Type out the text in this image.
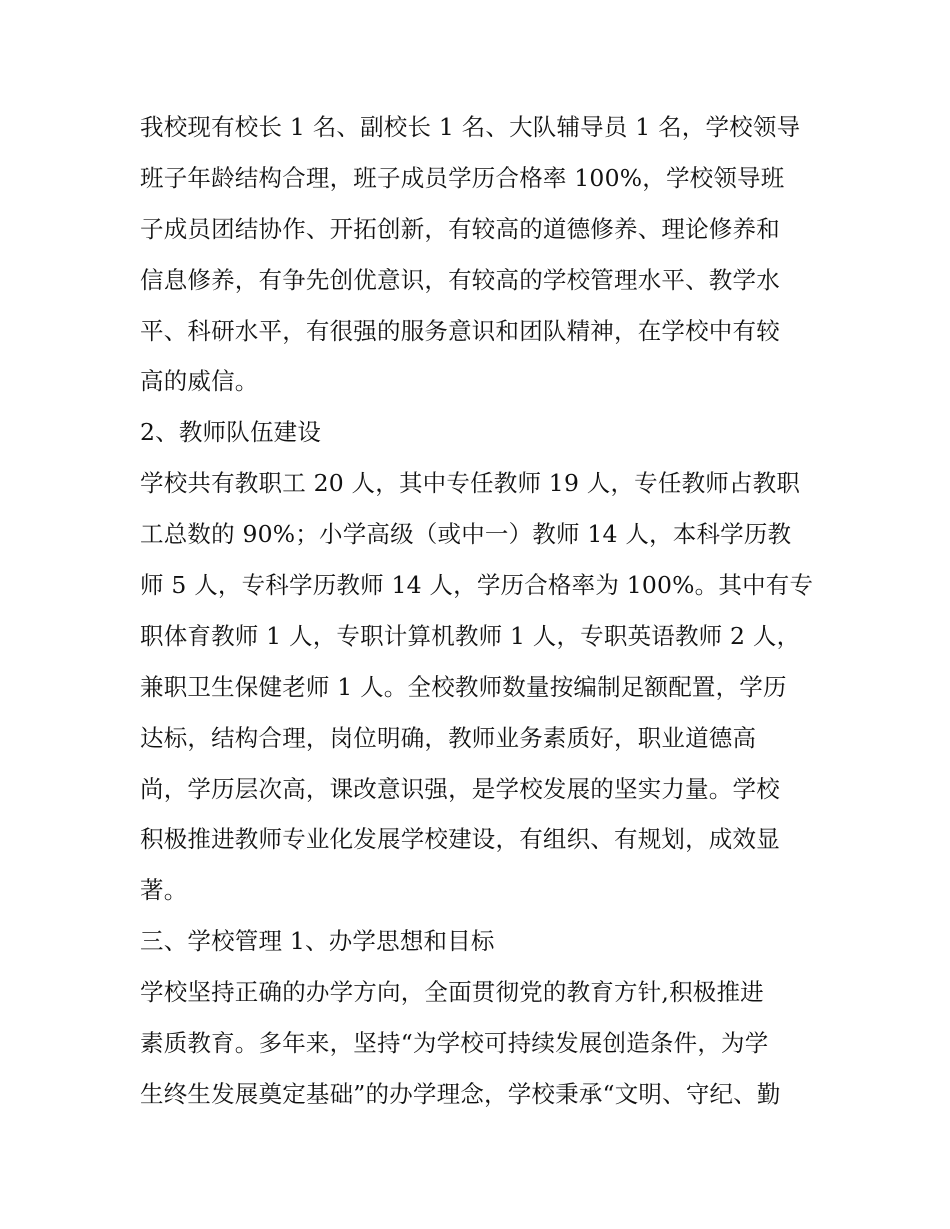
我校现有校长 1 名、副校长 1 名、大队辅导员 1 名，学校领导
班子年龄结构合理，班子成员学历合格率 100%，学校领导班
子成员团结协作、开拓创新，有较高的道德修养、理论修养和
信息修养，有争先创优意识，有较高的学校管理水平、教学水
平、科研水平，有很强的服务意识和团队精神，在学校中有较
高的威信。
2、教师队伍建设
学校共有教职工 20 人，其中专任教师 19 人，专任教师占教职
工总数的 90%；小学高级（或中一）教师 14 人，本科学历教
师 5 人，专科学历教师 14 人，学历合格率为 100%。其中有专
职体育教师 1 人，专职计算机教师 1 人，专职英语教师 2 人，
兼职卫生保健老师 1 人。全校教师数量按编制足额配置，学历
达标，结构合理，岗位明确，教师业务素质好，职业道德高
尚，学历层次高，课改意识强，是学校发展的坚实力量。学校
积极推进教师专业化发展学校建设，有组织、有规划，成效显
著。
三、学校管理 1、办学思想和目标
学校坚持正确的办学方向，全面贯彻党的教育方针,积极推进
素质教育。多年来，坚持“为学校可持续发展创造条件，为学
生终生发展奠定基础”的办学理念，学校秉承“文明、守纪、勤
